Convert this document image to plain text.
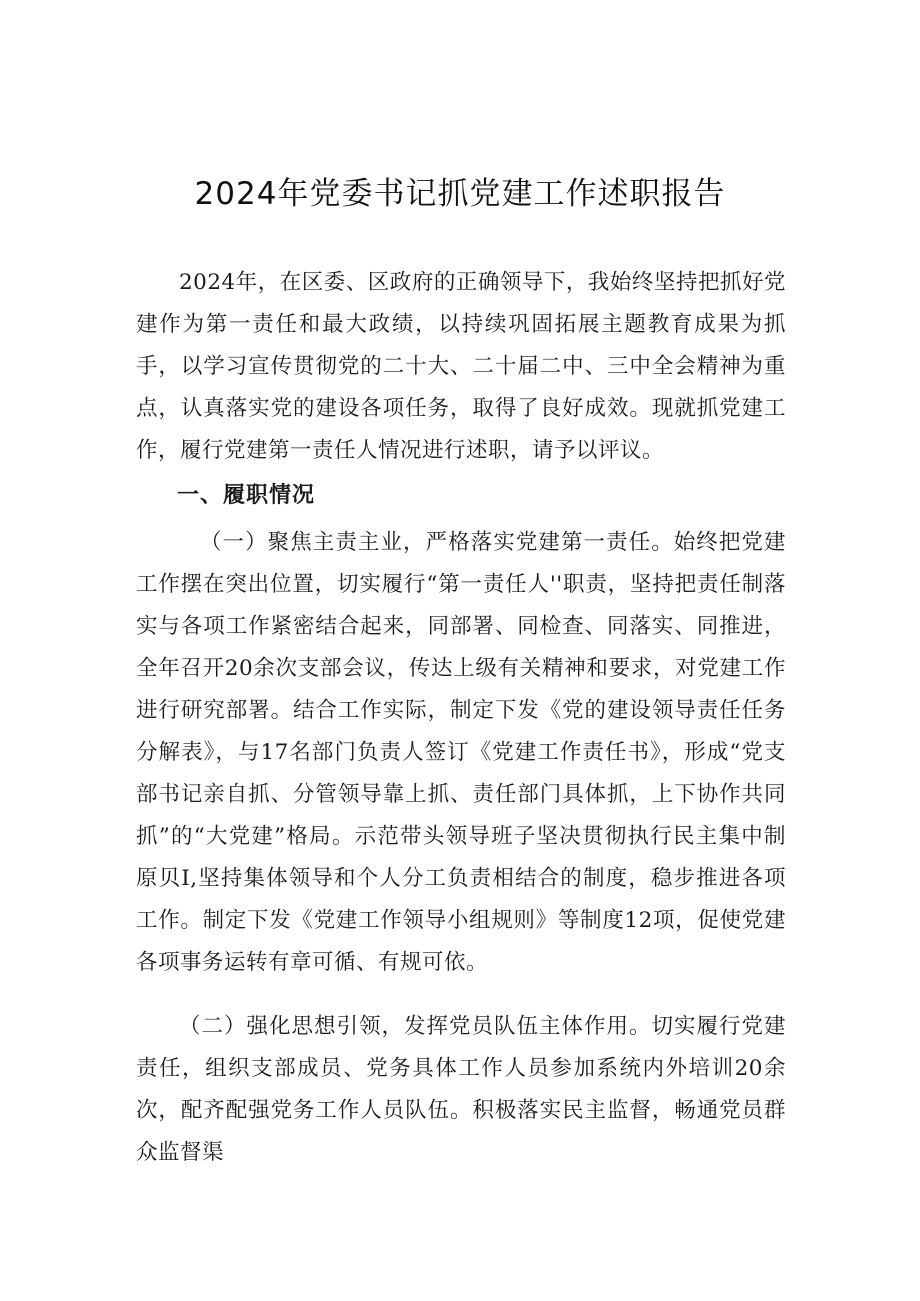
2024年党委书记抓党建工作述职报告

2024年，在区委、区政府的正确领导下，我始终坚持把抓好党建作为第一责任和最大政绩，以持续巩固拓展主题教育成果为抓手，以学习宣传贯彻党的二十大、二十届二中、三中全会精神为重点，认真落实党的建设各项任务，取得了良好成效。现就抓党建工作，履行党建第一责任人情况进行述职，请予以评议。

一、履职情况

（一）聚焦主责主业，严格落实党建第一责任。始终把党建工作摆在突出位置，切实履行“第一责任人''职责，坚持把责任制落实与各项工作紧密结合起来，同部署、同检查、同落实、同推进，全年召开20余次支部会议，传达上级有关精神和要求，对党建工作进行研究部署。结合工作实际，制定下发《党的建设领导责任任务分解表》，与17名部门负责人签订《党建工作责任书》，形成“党支部书记亲自抓、分管领导靠上抓、责任部门具体抓，上下协作共同抓”的“大党建”格局。示范带头领导班子坚决贯彻执行民主集中制原贝I,坚持集体领导和个人分工负责相结合的制度，稳步推进各项工作。制定下发《党建工作领导小组规则》等制度12项，促使党建各项事务运转有章可循、有规可依。

（二）强化思想引领，发挥党员队伍主体作用。切实履行党建责任，组织支部成员、党务具体工作人员参加系统内外培训20余次，配齐配强党务工作人员队伍。积极落实民主监督，畅通党员群众监督渠
